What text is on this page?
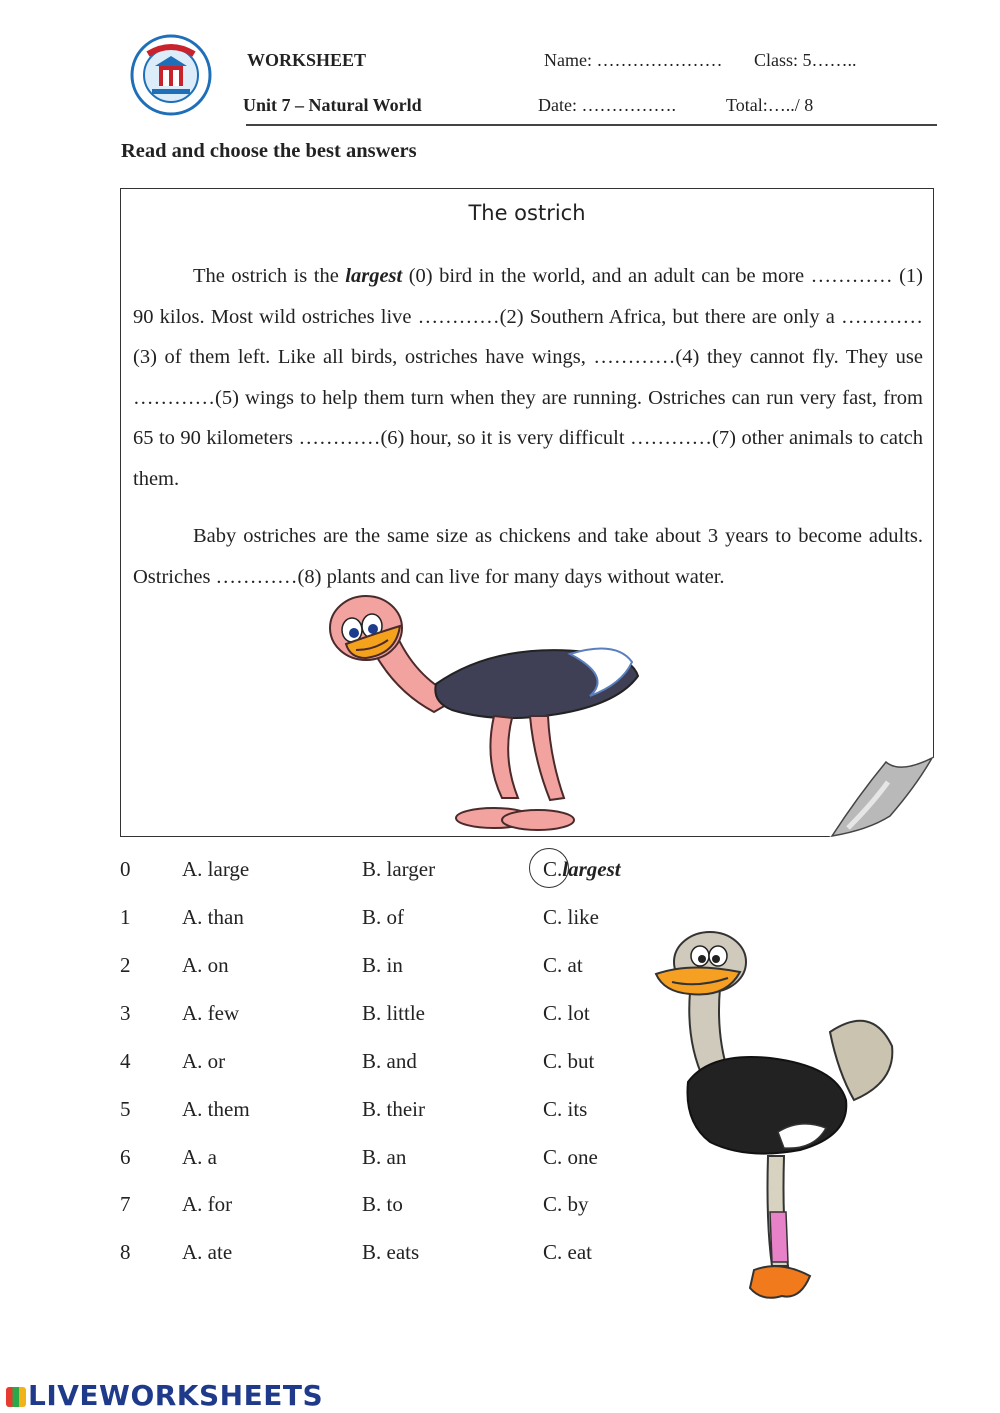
WORKSHEET
Unit 7 – Natural World
Name: ………………… Class: 5……..
Date: …………….	Total:…../ 8
Read and choose the best answers
The ostrich

The ostrich is the largest (0) bird in the world, and an adult can be more ………… (1) 90 kilos. Most wild ostriches live …………(2) Southern Africa, but there are only a …………(3) of them left. Like all birds, ostriches have wings, …………(4) they cannot fly. They use …………(5) wings to help them turn when they are running. Ostriches can run very fast, from 65 to 90 kilometers …………(6) hour, so it is very difficult …………(7) other animals to catch them.

Baby ostriches are the same size as chickens and take about 3 years to become adults. Ostriches …………(8) plants and can live for many days without water.

0 A. large	B. larger	C.largest
1 A. than	B. of	C. like
2 A. on	B. in	C. at
3 A. few	B. little	C. lot
4 A. or	B. and	C. but
5 A. them	B. their	C. its
6 A. a	B. an	C. one
7 A. for	B. to	C. by
8 A. ate	B. eats	C. eat
LIVEWORKSHEETS
